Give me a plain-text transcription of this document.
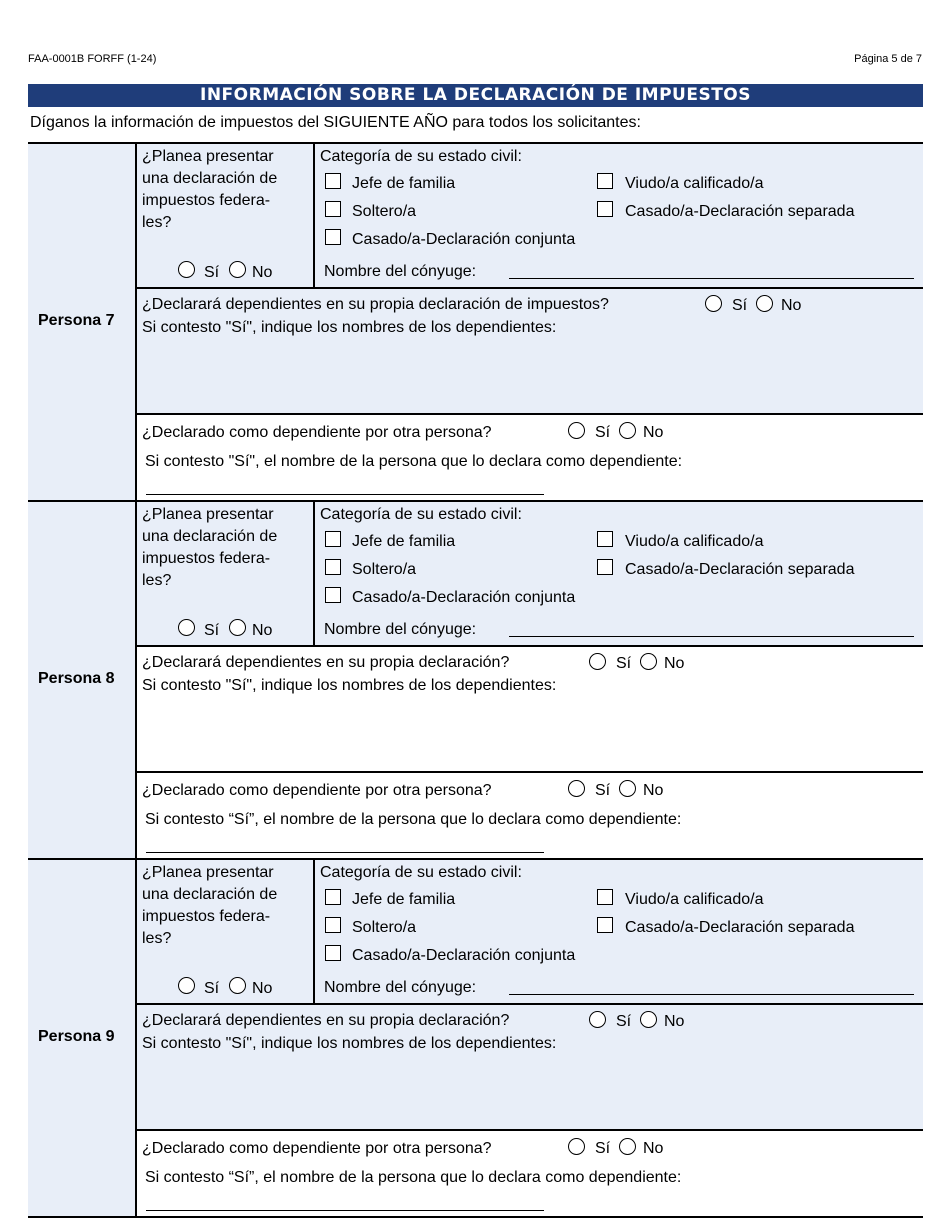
FAA-0001B FORFF (1-24)	Página 5 de 7
INFORMACIÓN SOBRE LA DECLARACIÓN DE IMPUESTOS
Díganos la información de impuestos del SIGUIENTE AÑO para todos los solicitantes:
Persona 7
¿Planea presentar
una declaración de
impuestos federa-
les?
Sí No
Categoría de su estado civil:
Jefe de familia
Soltero/a
Casado/a-Declaración conjunta
Viudo/a calificado/a
Casado/a-Declaración separada
Nombre del cónyuge:
¿Declarará dependientes en su propia declaración de impuestos?	Sí No
Si contesto "Sí", indique los nombres de los dependientes:
¿Declarado como dependiente por otra persona?	Sí No
Si contesto "Sí", el nombre de la persona que lo declara como dependiente:
Persona 8
¿Planea presentar
una declaración de
impuestos federa-
les?
Sí No
Categoría de su estado civil:
Jefe de familia
Soltero/a
Casado/a-Declaración conjunta
Viudo/a calificado/a
Casado/a-Declaración separada
Nombre del cónyuge:
¿Declarará dependientes en su propia declaración?	Sí No
Si contesto "Sí", indique los nombres de los dependientes:
¿Declarado como dependiente por otra persona?	Sí No
Si contesto “Sí”, el nombre de la persona que lo declara como dependiente:
Persona 9
¿Planea presentar
una declaración de
impuestos federa-
les?
Sí No
Categoría de su estado civil:
Jefe de familia
Soltero/a
Casado/a-Declaración conjunta
Viudo/a calificado/a
Casado/a-Declaración separada
Nombre del cónyuge:
¿Declarará dependientes en su propia declaración?	Sí No
Si contesto "Sí", indique los nombres de los dependientes:
¿Declarado como dependiente por otra persona?	Sí No
Si contesto “Sí”, el nombre de la persona que lo declara como dependiente:
